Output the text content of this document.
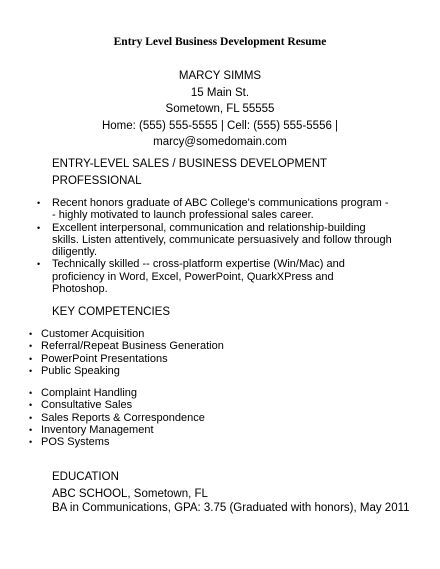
Entry Level Business Development Resume
MARCY SIMMS
15 Main St.
Sometown, FL 55555
Home: (555) 555-5555 | Cell: (555) 555-5556 |
marcy@somedomain.com
ENTRY-LEVEL SALES / BUSINESS DEVELOPMENT
PROFESSIONAL
• Recent honors graduate of ABC College's communications program -- highly motivated to launch professional sales career.
• Excellent interpersonal, communication and relationship-building skills. Listen attentively, communicate persuasively and follow through diligently.
• Technically skilled -- cross-platform expertise (Win/Mac) and proficiency in Word, Excel, PowerPoint, QuarkXPress and Photoshop.
KEY COMPETENCIES
• Customer Acquisition
• Referral/Repeat Business Generation
• PowerPoint Presentations
• Public Speaking
• Complaint Handling
• Consultative Sales
• Sales Reports & Correspondence
• Inventory Management
• POS Systems
EDUCATION
ABC SCHOOL, Sometown, FL
BA in Communications, GPA: 3.75 (Graduated with honors), May 2011
